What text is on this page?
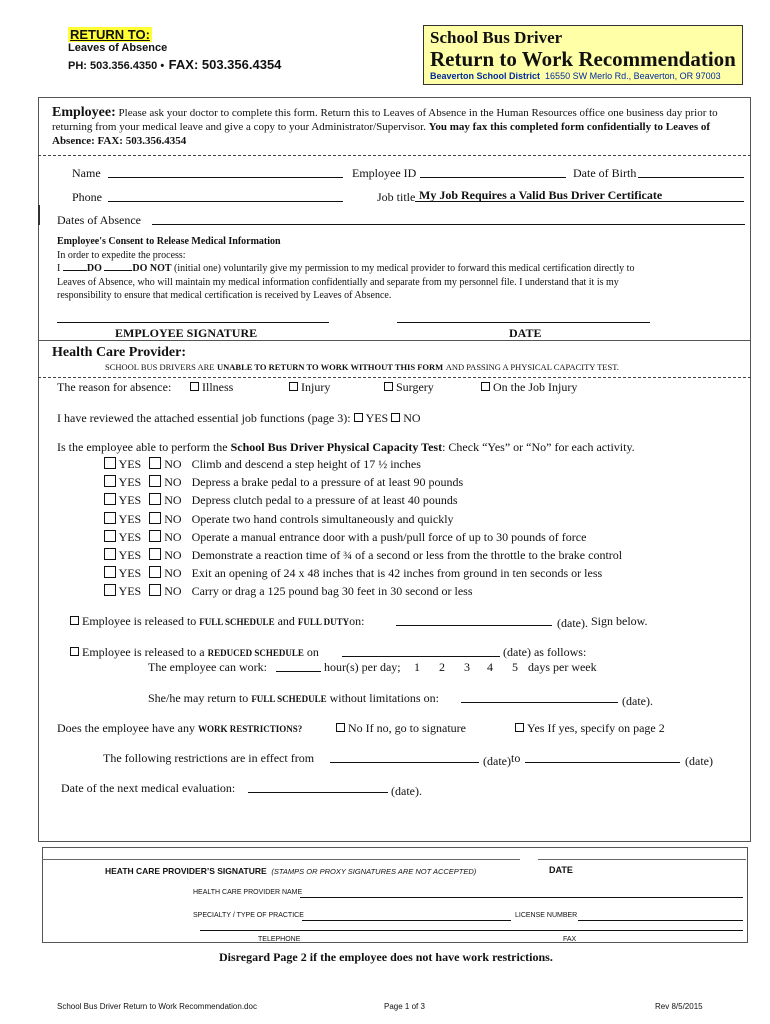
RETURN TO:
Leaves of Absence
PH: 503.356.4350 • FAX: 503.356.4354
School Bus Driver
Return to Work Recommendation
Beaverton School District 16550 SW Merlo Rd., Beaverton, OR 97003
Employee: Please ask your doctor to complete this form. Return this to Leaves of Absence in the Human Resources office one business day prior to returning from your medical leave and give a copy to your Administrator/Supervisor. You may fax this completed form confidentially to Leaves of Absence: FAX: 503.356.4354
Name	Employee ID	Date of Birth
Phone	Job title My Job Requires a Valid Bus Driver Certificate
Dates of Absence
Employee's Consent to Release Medical Information
In order to expedite the process:
I	DO	DO NOT (initial one) voluntarily give my permission to my medical provider to forward this medical certification directly to
Leaves of Absence, who will maintain my medical information confidentially and separate from my personnel file. I understand that it is my
responsibility to ensure that medical certification is received by Leaves of Absence.
EMPLOYEE SIGNATURE	DATE
Health Care Provider:
SCHOOL BUS DRIVERS ARE UNABLE TO RETURN TO WORK WITHOUT THIS FORM AND PASSING A PHYSICAL CAPACITY TEST.
The reason for absence:	Illness	Injury	Surgery	On the Job Injury
I have reviewed the attached essential job functions (page 3): YES NO
Is the employee able to perform the School Bus Driver Physical Capacity Test: Check “Yes” or “No” for each activity.
YES NO Climb and descend a step height of 17 ½ inches
YES NO Depress a brake pedal to a pressure of at least 90 pounds
YES NO Depress clutch pedal to a pressure of at least 40 pounds
YES NO Operate two hand controls simultaneously and quickly
YES NO Operate a manual entrance door with a push/pull force of up to 30 pounds of force
YES NO Demonstrate a reaction time of ¾ of a second or less from the throttle to the brake control
YES NO Exit an opening of 24 x 48 inches that is 42 inches from ground in ten seconds or less
YES NO Carry or drag a 125 pound bag 30 feet in 30 second or less
Employee is released to FULL SCHEDULE and FULL DUTYon:	(date). Sign below.
Employee is released to a REDUCED SCHEDULE on	(date) as follows:
The employee can work:	hour(s) per day; 1 2 3 4 5 days per week
She/he may return to FULL SCHEDULE without limitations on:	(date).
Does the employee have any WORK RESTRICTIONS?	No If no, go to signature	Yes If yes, specify on page 2
The following restrictions are in effect from	(date) to	(date)
Date of the next medical evaluation:	(date).
HEATH CARE PROVIDER’S SIGNATURE (STAMPS OR PROXY SIGNATURES ARE NOT ACCEPTED)	DATE
HEALTH CARE PROVIDER NAME
SPECIALTY / TYPE OF PRACTICE	LICENSE NUMBER
TELEPHONE	FAX
Disregard Page 2 if the employee does not have work restrictions.
School Bus Driver Return to Work Recommendation.doc	Page 1 of 3	Rev 8/5/2015
